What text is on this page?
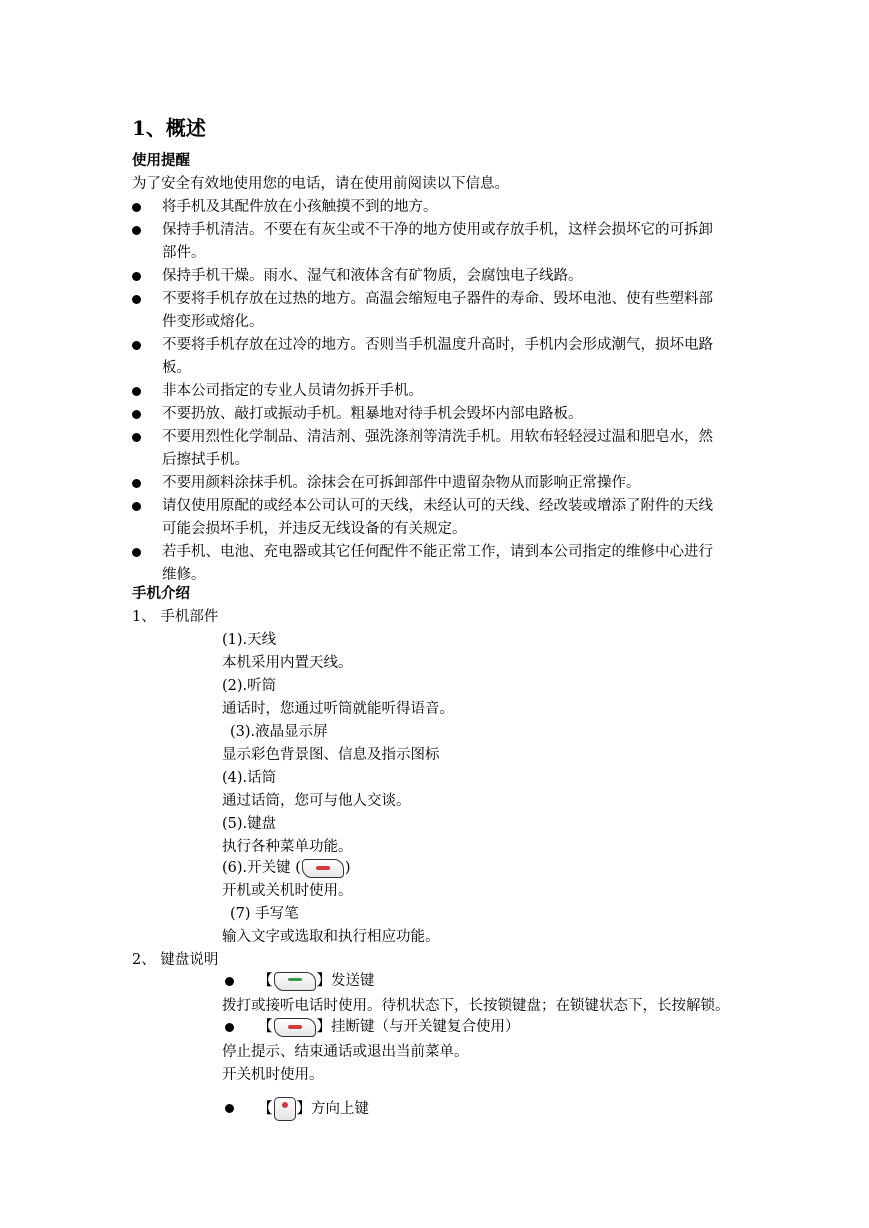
1、概述
使用提醒
为了安全有效地使用您的电话，请在使用前阅读以下信息。
将手机及其配件放在小孩触摸不到的地方。
保持手机清洁。不要在有灰尘或不干净的地方使用或存放手机，这样会损坏它的可拆卸
部件。
保持手机干燥。雨水、湿气和液体含有矿物质，会腐蚀电子线路。
不要将手机存放在过热的地方。高温会缩短电子器件的寿命、毁坏电池、使有些塑料部
件变形或熔化。
不要将手机存放在过冷的地方。否则当手机温度升高时，手机内会形成潮气，损坏电路
板。
非本公司指定的专业人员请勿拆开手机。
不要扔放、敲打或振动手机。粗暴地对待手机会毁坏内部电路板。
不要用烈性化学制品、清洁剂、强洗涤剂等清洗手机。用软布轻轻浸过温和肥皂水，然
后擦拭手机。
不要用颜料涂抹手机。涂抹会在可拆卸部件中遗留杂物从而影响正常操作。
请仅使用原配的或经本公司认可的天线，未经认可的天线、经改装或增添了附件的天线
可能会损坏手机，并违反无线设备的有关规定。
若手机、电池、充电器或其它任何配件不能正常工作，请到本公司指定的维修中心进行
维修。
手机介绍
1、 手机部件
(1).天线
本机采用内置天线。
(2).听筒
通话时，您通过听筒就能听得语音。
(3).液晶显示屏
显示彩色背景图、信息及指示图标
(4).话筒
通过话筒，您可与他人交谈。
(5).键盘
执行各种菜单功能。
(6).开关键 (	)
开机或关机时使用。
(7) 手写笔
输入文字或选取和执行相应功能。
2、 键盘说明
【	】发送键
拨打或接听电话时使用。待机状态下，长按锁键盘；在锁键状态下，长按解锁。
【	】挂断键（与开关键复合使用）
停止提示、结束通话或退出当前菜单。
开关机时使用。
【 】方向上键
